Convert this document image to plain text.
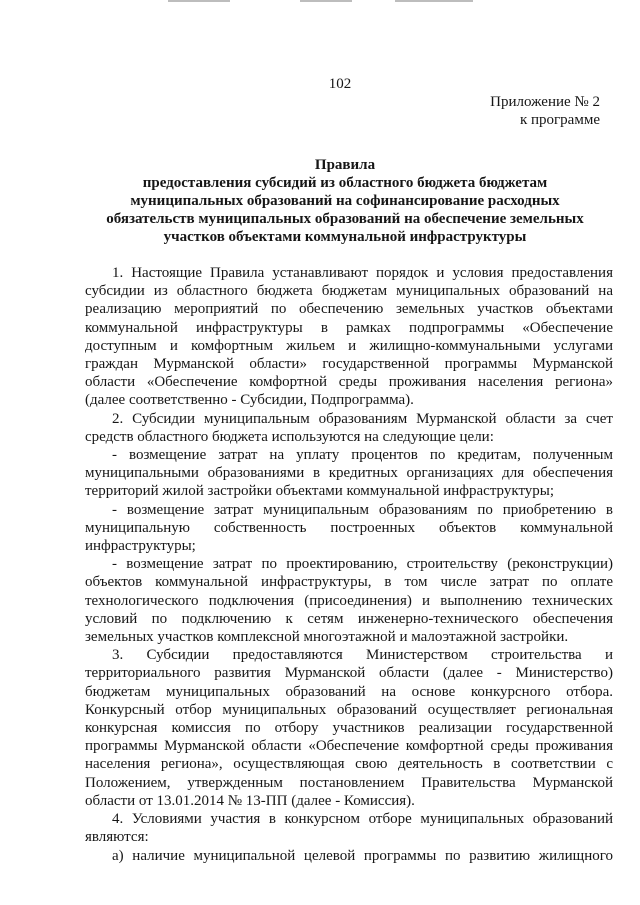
102
Приложение № 2
к программе
Правила
предоставления субсидий из областного бюджета бюджетам
муниципальных образований на софинансирование расходных
обязательств муниципальных образований на обеспечение земельных
участков объектами коммунальной инфраструктуры
1. Настоящие Правила устанавливают порядок и условия предоставления
субсидии из областного бюджета бюджетам муниципальных образований на
реализацию мероприятий по обеспечению земельных участков объектами
коммунальной инфраструктуры в рамках подпрограммы «Обеспечение
доступным и комфортным жильем и жилищно-коммунальными услугами
граждан Мурманской области» государственной программы Мурманской
области «Обеспечение комфортной среды проживания населения региона»
(далее соответственно - Субсидии, Подпрограмма).
2. Субсидии муниципальным образованиям Мурманской области за счет
средств областного бюджета используются на следующие цели:
- возмещение затрат на уплату процентов по кредитам, полученным
муниципальными образованиями в кредитных организациях для обеспечения
территорий жилой застройки объектами коммунальной инфраструктуры;
- возмещение затрат муниципальным образованиям по приобретению в
муниципальную собственность построенных объектов коммунальной
инфраструктуры;
- возмещение затрат по проектированию, строительству (реконструкции)
объектов коммунальной инфраструктуры, в том числе затрат по оплате
технологического подключения (присоединения) и выполнению технических
условий по подключению к сетям инженерно-технического обеспечения
земельных участков комплексной многоэтажной и малоэтажной застройки.
3. Субсидии предоставляются Министерством строительства и
территориального развития Мурманской области (далее - Министерство)
бюджетам муниципальных образований на основе конкурсного отбора.
Конкурсный отбор муниципальных образований осуществляет региональная
конкурсная комиссия по отбору участников реализации государственной
программы Мурманской области «Обеспечение комфортной среды проживания
населения региона», осуществляющая свою деятельность в соответствии с
Положением, утвержденным постановлением Правительства Мурманской
области от 13.01.2014 № 13-ПП (далее - Комиссия).
4. Условиями участия в конкурсном отборе муниципальных образований
являются:
а) наличие муниципальной целевой программы по развитию жилищного
